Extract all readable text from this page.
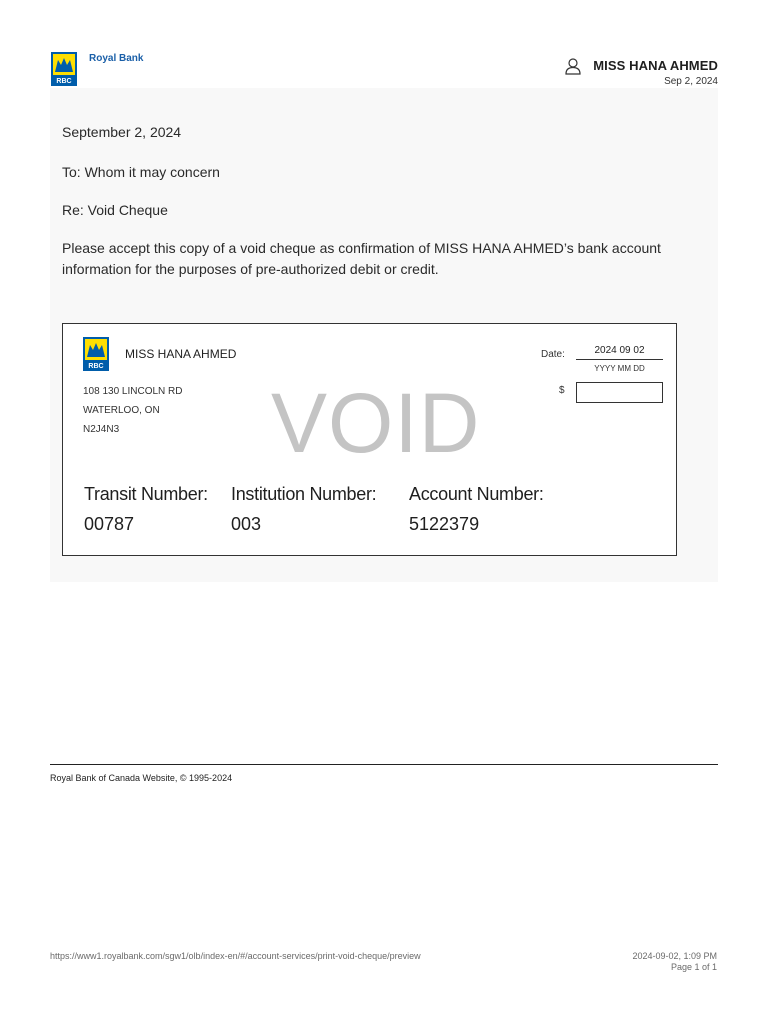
RBC
Royal Bank	MISS HANA AHMED
Sep 2, 2024
September 2, 2024
To: Whom it may concern
Re: Void Cheque
Please accept this copy of a void cheque as confirmation of MISS HANA AHMED’s bank account information for the purposes of pre-authorized debit or credit.
RBC
MISS HANA AHMED
108 130 LINCOLN RD
WATERLOO, ON
N2J4N3 VOID
Date:	2024 09 02
YYYY MM DD
$
Transit Number: Institution Number: Account Number:
00787	003	5122379
Royal Bank of Canada Website, © 1995-2024
https://www1.royalbank.com/sgw1/olb/index-en/#/account-services/print-void-cheque/preview	2024-09-02, 1:09 PM
Page 1 of 1
